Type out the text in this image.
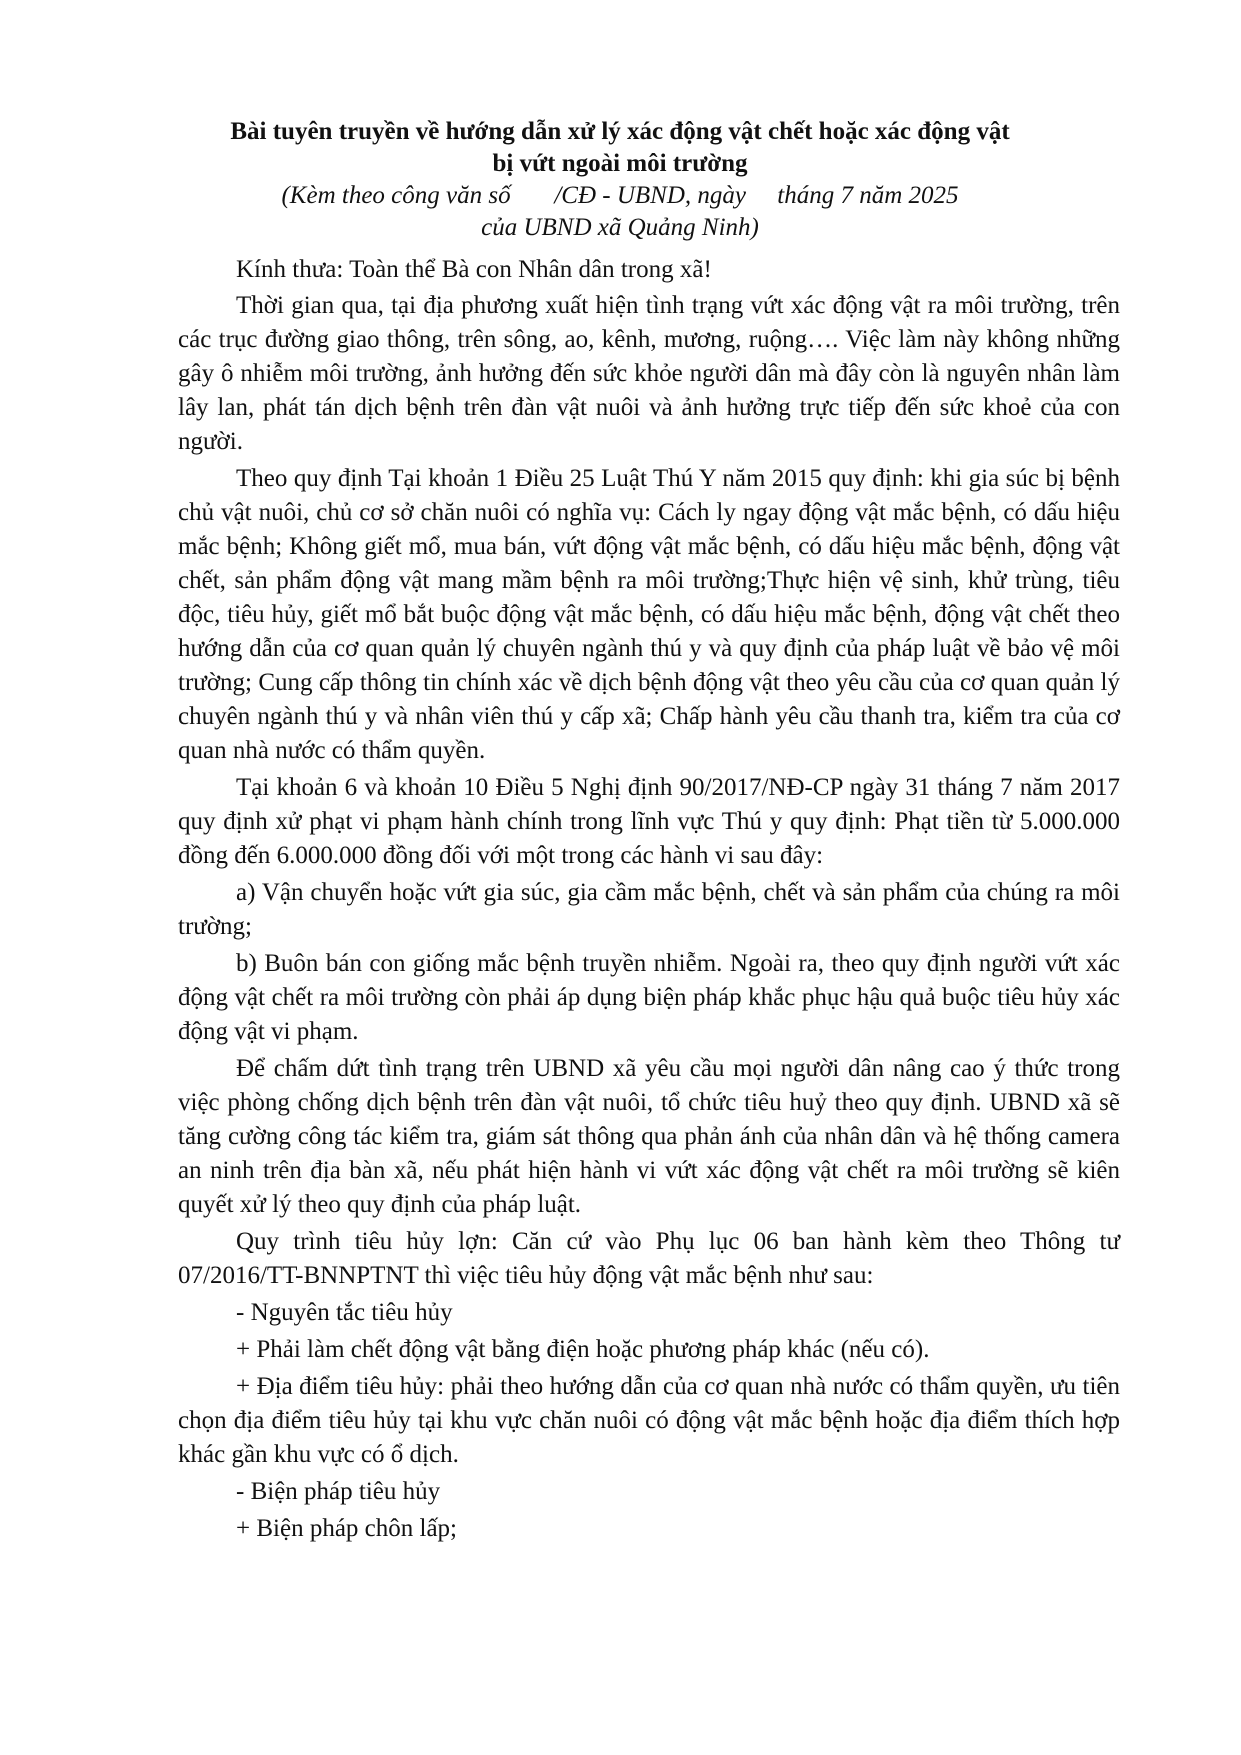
Bài tuyên truyền về hướng dẫn xử lý xác động vật chết hoặc xác động vật
bị vứt ngoài môi trường
(Kèm theo công văn số       /CĐ - UBND, ngày     tháng 7 năm 2025
của UBND xã Quảng Ninh)

Kính thưa: Toàn thể Bà con Nhân dân trong xã!

Thời gian qua, tại địa phương xuất hiện tình trạng vứt xác động vật ra môi trường, trên các trục đường giao thông, trên sông, ao, kênh, mương, ruộng…. Việc làm này không những gây ô nhiễm môi trường, ảnh hưởng đến sức khỏe người dân mà đây còn là nguyên nhân làm lây lan, phát tán dịch bệnh trên đàn vật nuôi và ảnh hưởng trực tiếp đến sức khoẻ của con người.

Theo quy định Tại khoản 1 Điều 25 Luật Thú Y năm 2015 quy định: khi gia súc bị bệnh chủ vật nuôi, chủ cơ sở chăn nuôi có nghĩa vụ: Cách ly ngay động vật mắc bệnh, có dấu hiệu mắc bệnh; Không giết mổ, mua bán, vứt động vật mắc bệnh, có dấu hiệu mắc bệnh, động vật chết, sản phẩm động vật mang mầm bệnh ra môi trường;Thực hiện vệ sinh, khử trùng, tiêu độc, tiêu hủy, giết mổ bắt buộc động vật mắc bệnh, có dấu hiệu mắc bệnh, động vật chết theo hướng dẫn của cơ quan quản lý chuyên ngành thú y và quy định của pháp luật về bảo vệ môi trường; Cung cấp thông tin chính xác về dịch bệnh động vật theo yêu cầu của cơ quan quản lý chuyên ngành thú y và nhân viên thú y cấp xã; Chấp hành yêu cầu thanh tra, kiểm tra của cơ quan nhà nước có thẩm quyền.

Tại khoản 6 và khoản 10 Điều 5 Nghị định 90/2017/NĐ-CP ngày 31 tháng 7 năm 2017 quy định xử phạt vi phạm hành chính trong lĩnh vực Thú y quy định: Phạt tiền từ 5.000.000 đồng đến 6.000.000 đồng đối với một trong các hành vi sau đây:

a) Vận chuyển hoặc vứt gia súc, gia cầm mắc bệnh, chết và sản phẩm của chúng ra môi trường;

b) Buôn bán con giống mắc bệnh truyền nhiễm. Ngoài ra, theo quy định người vứt xác động vật chết ra môi trường còn phải áp dụng biện pháp khắc phục hậu quả buộc tiêu hủy xác động vật vi phạm.

Để chấm dứt tình trạng trên UBND xã yêu cầu mọi người dân nâng cao ý thức trong việc phòng chống dịch bệnh trên đàn vật nuôi, tổ chức tiêu huỷ theo quy định. UBND xã sẽ tăng cường công tác kiểm tra, giám sát thông qua phản ánh của nhân dân và hệ thống camera an ninh trên địa bàn xã, nếu phát hiện hành vi vứt xác động vật chết ra môi trường sẽ kiên quyết xử lý theo quy định của pháp luật.

Quy trình tiêu hủy lợn: Căn cứ vào Phụ lục 06 ban hành kèm theo Thông tư 07/2016/TT-BNNPTNT thì việc tiêu hủy động vật mắc bệnh như sau:

- Nguyên tắc tiêu hủy

+ Phải làm chết động vật bằng điện hoặc phương pháp khác (nếu có).

+ Địa điểm tiêu hủy: phải theo hướng dẫn của cơ quan nhà nước có thẩm quyền, ưu tiên chọn địa điểm tiêu hủy tại khu vực chăn nuôi có động vật mắc bệnh hoặc địa điểm thích hợp khác gần khu vực có ổ dịch.

- Biện pháp tiêu hủy

+ Biện pháp chôn lấp;
